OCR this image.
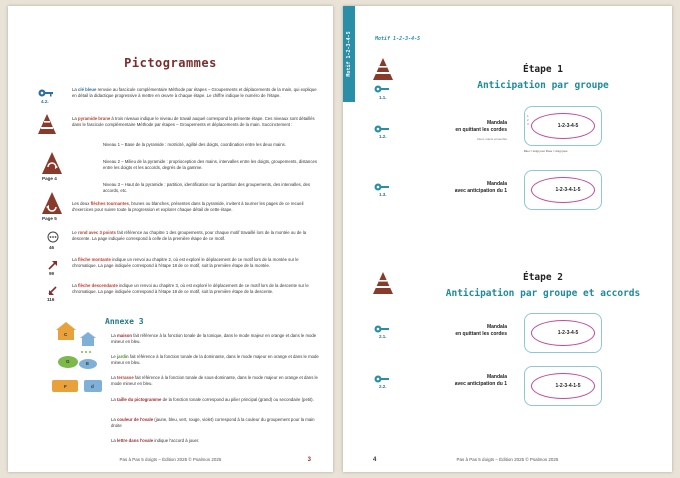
Pictogrammes
4.2.
La clé bleue renvoie au fascicule complémentaire Méthode par étapes – Groupements et déplacements de la main, qui explique en détail la didactique progressive à mettre en œuvre à chaque étape. Le chiffre indique le numéro de l'étape.
La pyramide brune à trois niveaux indique le niveau de travail auquel correspond la présente étape. Ces niveaux sont détaillés dans le fascicule complémentaire Méthode par étapes – Groupements et déplacements de la main. Succinctement :
Niveau 1 – Base de la pyramide : motricité, agilité des doigts, coordination entre les deux mains.
Niveau 2 – Milieu de la pyramide : proprioception des mains, intervalles entre les doigts, groupements, distances entre les doigts et les accords, degrés de la gamme.
Niveau 3 – Haut de la pyramide : partition, identification sur la partition des groupements, des intervalles, des accords, etc.
Page 4
Page 5
Les deux flèches tournantes, brunes ou blanches, présentes dans la pyramide, invitent à tourner les pages de ce recueil d'exercices pour suivre toute la progression et explorer chaque détail de cette étape.
46
Le rond avec 3 points fait référence au chapitre 1 des groupements, pour chaque motif travaillé lors de la montée ou de la descente. La page indiquée correspond à celle de la première étape de ce motif.
99
La flèche montante indique un renvoi au chapitre 2, où est exploré le déplacement de ce motif lors de la montée sur le chromatique. La page indiquée correspond à l'étape 18 de ce motif, soit la première étape de la montée.
116
La flèche descendante indique un renvoi au chapitre 3, où est exploré le déplacement de ce motif lors de la descente sur le chromatique. La page indiquée correspond à l'étape 18 de ce motif, soit la première étape de la descente.
Annexe 3
C
G	E
F	d
La maison fait référence à la fonction tonale de la tonique, dans le mode majeur en orange et dans le mode mineur en bleu.
Le jardin fait référence à la fonction tonale de la dominante, dans le mode majeur en orange et dans le mode mineur en bleu.
La terrasse fait référence à la fonction tonale de sous-dominante, dans le mode majeur en orange et dans le mode mineur en bleu.
La taille du pictogramme de la fonction tonale correspond au pilier principal (grand) ou secondaire (petit).
La couleur de l'ovale (jaune, bleu, vert, rouge, violet) correspond à la couleur du groupement pour la main droite
La lettre dans l'ovale indique l'accord à jouer.
Pas à Pas 5 doigts – Édition 2025 © Psalmos 2025	3
Motif 1-2-3-4-5	Motif 1-2-3-4-5
Étape 1
Anticipation par groupe
1.1.
1.2.
Mandala
en quittant les cordes
Deux mains ensemble
1
2
3	1-2-3-4-5
Bleu = doigt joué Rose = doigt joué
1.3.
Mandala
avec anticipation du 1	1-2-3-4-1-5
Étape 2
Anticipation par groupe et accords
2.1.
Mandala
en quittant les cordes	1-2-3-4-5
2.2.
Mandala
avec anticipation du 1	1-2-3-4-1-5
Pas à Pas 5 doigts – Édition 2025 © Psalmos 2025
4
